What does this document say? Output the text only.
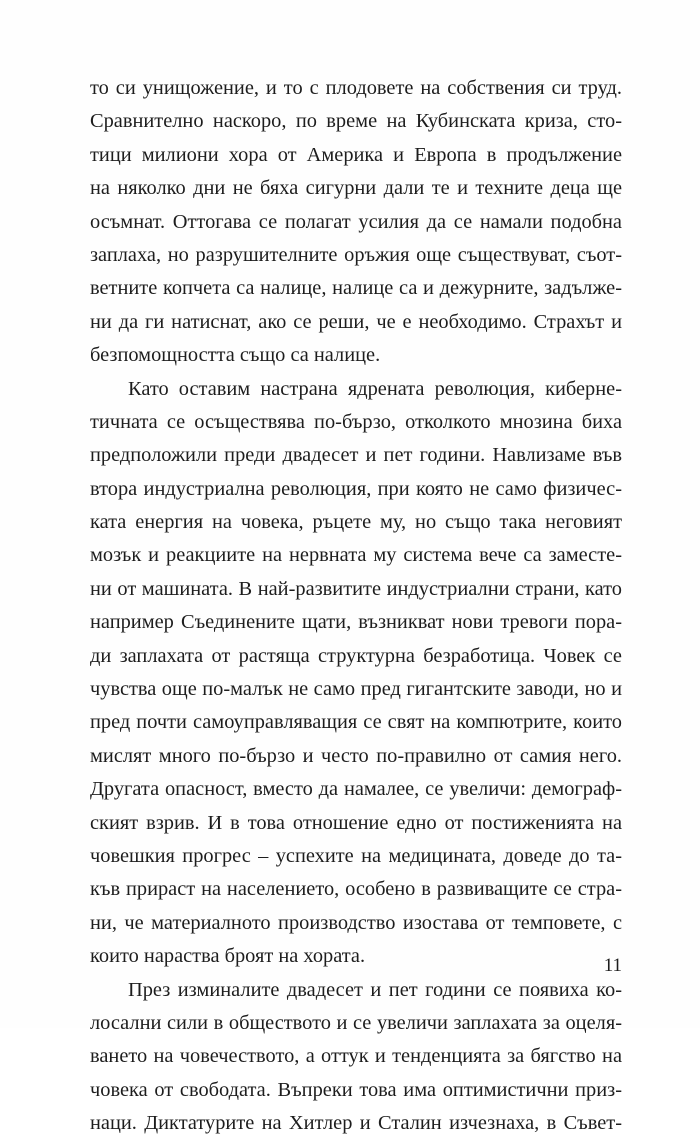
то си унищожение, и то с плодовете на собствения си труд.
Сравнително наскоро, по време на Кубинската криза, сто-
тици милиони хора от Америка и Европа в продължение
на няколко дни не бяха сигурни дали те и техните деца ще
осъмнат. Оттогава се полагат усилия да се намали подобна
заплаха, но разрушителните оръжия още съществуват, съот-
ветните копчета са налице, налице са и дежурните, задълже-
ни да ги натиснат, ако се реши, че е необходимо. Страхът и
безпомощността също са налице.
Като оставим настрана ядрената революция, киберне-
тичната се осъществява по-бързо, отколкото мнозина биха
предположили преди двадесет и пет години. Навлизаме във
втора индустриална революция, при която не само физичес-
ката енергия на човека, ръцете му, но също така неговият
мозък и реакциите на нервната му система вече са заместе-
ни от машината. В най-развитите индустриални страни, като
например Съединените щати, възникват нови тревоги пора-
ди заплахата от растяща структурна безработица. Човек се
чувства още по-малък не само пред гигантските заводи, но и
пред почти самоуправляващия се свят на компютрите, които
мислят много по-бързо и често по-правилно от самия него.
Другата опасност, вместо да намалее, се увеличи: демограф-
ският взрив. И в това отношение едно от постиженията на
човешкия прогрес – успехите на медицината, доведе до та-
къв прираст на населението, особено в развиващите се стра-
ни, че материалното производство изостава от темповете, с
които нараства броят на хората.
През изминалите двадесет и пет години се появиха ко-
лосални сили в обществото и се увеличи заплахата за оцеля-
ването на човечеството, а оттук и тенденцията за бягство на
човека от свободата. Въпреки това има оптимистични приз-
наци. Диктатурите на Хитлер и Сталин изчезнаха, в Съвет-
11
